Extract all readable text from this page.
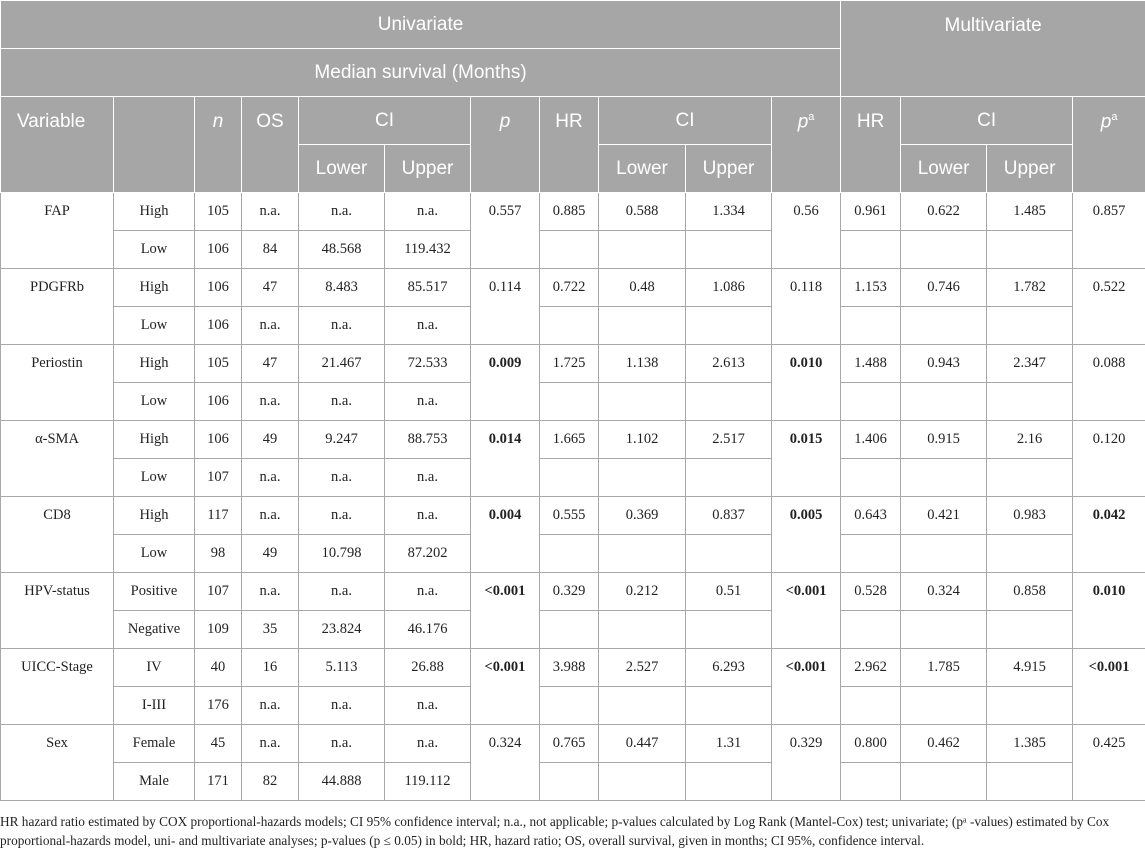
Univariate											Multivariate			
Median survival (Months)														
Variable		n	OS	CI		p	HR	CI		$p^a$	HR	CI		$p^a$
				Lower	Upper			Lower	Upper			Lower	Upper	
FAP	High	105	n.a.	n.a.	n.a.	0.557	0.885	0.588	1.334	0.56	0.961	0.622	1.485	0.857
	Low	106	84	48.568	119.432									
PDGFRb	High	106	47	8.483	85.517	0.114	0.722	0.48	1.086	0.118	1.153	0.746	1.782	0.522
	Low	106	n.a.	n.a.	n.a.									
Periostin	High	105	47	21.467	72.533	0.009	1.725	1.138	2.613	0.010	1.488	0.943	2.347	0.088
	Low	106	n.a.	n.a.	n.a.									
α-SMA	High	106	49	9.247	88.753	0.014	1.665	1.102	2.517	0.015	1.406	0.915	2.16	0.120
	Low	107	n.a.	n.a.	n.a.									
CD8	High	117	n.a.	n.a.	n.a.	0.004	0.555	0.369	0.837	0.005	0.643	0.421	0.983	0.042
	Low	98	49	10.798	87.202									
HPV-status	Positive	107	n.a.	n.a.	n.a.	<0.001	0.329	0.212	0.51	<0.001	0.528	0.324	0.858	0.010
	Negative	109	35	23.824	46.176									
UICC-Stage	IV	40	16	5.113	26.88	<0.001	3.988	2.527	6.293	<0.001	2.962	1.785	4.915	<0.001
	I-III	176	n.a.	n.a.	n.a.									
Sex	Female	45	n.a.	n.a.	n.a.	0.324	0.765	0.447	1.31	0.329	0.800	0.462	1.385	0.425
	Male	171	82	44.888	119.112									
HR hazard ratio estimated by COX proportional-hazards models; CI 95% confidence interval; n.a., not applicable; p-values calculated by Log Rank (Mantel-Cox) test; univariate; (pᵃ -values) estimated by Cox proportional-hazards model, uni- and multivariate analyses; p-values (p ≤ 0.05) in bold; HR, hazard ratio; OS, overall survival, given in months; CI 95%, confidence interval.
